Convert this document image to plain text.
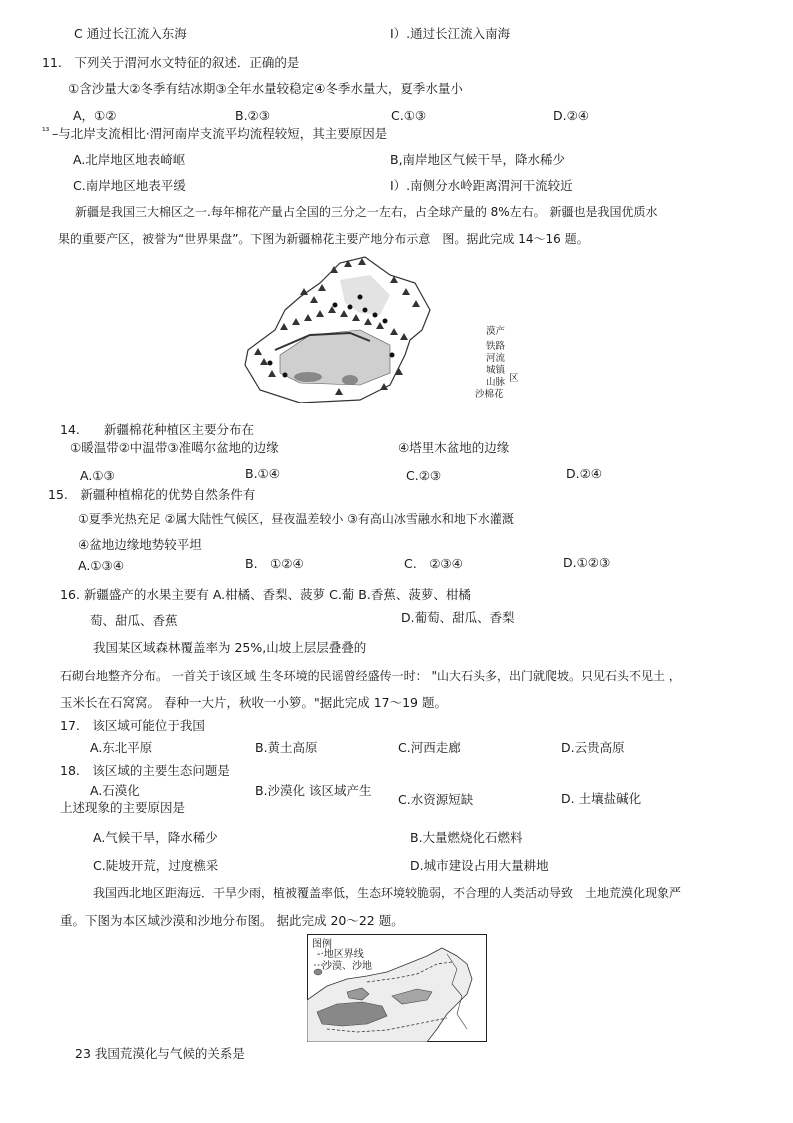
C 通过长江流入东海	I）.通过长江流入南海
11.　下列关于渭河水文特征的叙述．正确的是
①含沙量大②冬季有结冰期③全年水量较稳定④冬季水量大，夏季水量小
A，①②	B.②③	C.①③	D.②④
¹³ –与北岸支流相比·渭河南岸支流平均流程较短，其主要原因是
A.北岸地区地表崎岖	B,南岸地区气候干旱，降水稀少
C.南岸地区地表平缓	I）.南侧分水岭距离渭河干流较近
新疆是我国三大棉区之一.每年棉花产量占全国的三分之一左右，占全球产量的 8%左右。 新疆也是我国优质水
果的重要产区，被誉为“世界果盘”。下图为新疆棉花主要产地分布示意　图。据此完成 14～16 题。
漠产
铁路
河流
城镇
山脉 区
沙棉花
14. 新疆棉花种植区主要分布在
①暖温带②中温带③准噶尔盆地的边缘	④塔里木盆地的边缘
A.①③	B.①④	C.②③	D.②④
15.　新疆种植棉花的优势自然条件有
①夏季光热充足 ②属大陆性气候区，昼夜温差较小 ③有高山冰雪融水和地下水灌溉
④盆地边缘地势较平坦
A.①③④	B.　①②④	C.　②③④	D.①②③
16. 新疆盛产的水果主要有 A.柑橘、香梨、菠萝 C.葡 B.香蕉、菠萝、柑橘
萄、甜瓜、香蕉	D.葡萄、甜瓜、香梨
我国某区域森林覆盖率为 25%,山坡上层层叠叠的
石砌台地整齐分布。 一首关于该区域 生冬环境的民谣曾经盛传一时： "山大石头多，出门就爬坡。只见石头不见土 ，
玉米长在石窝窝。 春种一大片，秋收一小箩。"据此完成 17～19 题。
17.　该区域可能位于我国
A.东北平原	B.黄土高原	C.河西走廊	D.云贵高原
18.　该区域的主要生态问题是
A.石漠化	B.沙漠化 该区域产生
C.水资源短缺	D. 土壤盐碱化
上述现象的主要原因是
A.气候干旱，降水稀少	B.大量燃烧化石燃料
C.陡坡开荒，过度樵采	D.城市建设占用大量耕地
我国西北地区距海远．干旱少雨，植被覆盖率低，生态环境较脆弱，不合理的人类活动导致　土地荒漠化现象严
重。下图为本区域沙漠和沙地分布图。 据此完成 20～22 题。
图例
-·地区界线
沙漠、沙地
23 我国荒漠化与气候的关系是
